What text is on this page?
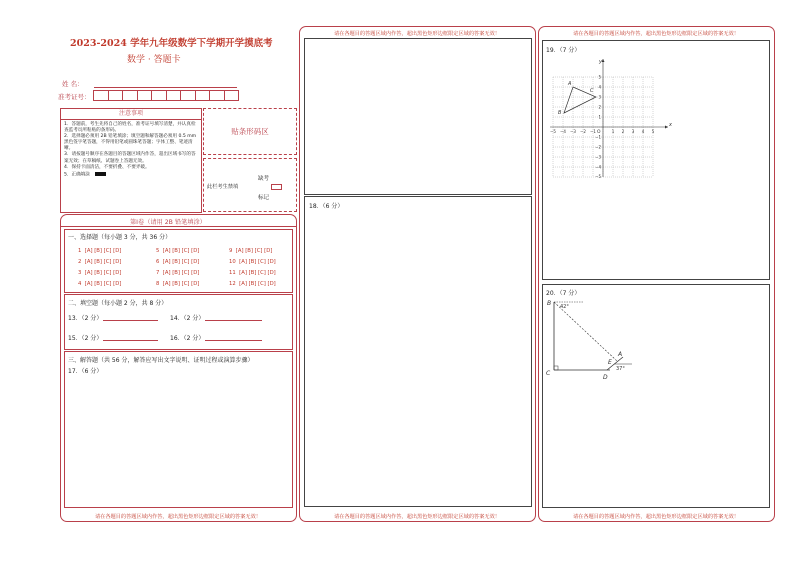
2023-2024 学年九年级数学下学期开学摸底考
数学 · 答题卡
姓 名：
准考证号：
注意事项
1．答题前，考生先将自己的姓名，准考证号填写清楚，并认真检查监考员所粘贴的条形码。
2．选择题必须用 2B 铅笔填涂；填空题和解答题必须用 0.5 mm 黑色签字笔答题，不得用铅笔或圆珠笔答题；字体工整、笔迹清晰。
3．请按题号顺序在各题目的答题区域内作答，超出区域书写的答案无效；在草稿纸、试题卷上答题无效。
4．保持卡面清洁，不要折叠、不要弄破。
5．正确填涂
贴条形码区
缺考
此栏考生禁填
标记
第Ⅰ卷（请用 2B 铅笔填涂）
一、选择题（每小题 3 分，共 36 分）
1 [A] [B] [C] [D]
2 [A] [B] [C] [D]
3 [A] [B] [C] [D]
4 [A] [B] [C] [D]
5 [A] [B] [C] [D]
6 [A] [B] [C] [D]
7 [A] [B] [C] [D]
8 [A] [B] [C] [D]
9 [A] [B] [C] [D]
10 [A] [B] [C] [D]
11 [A] [B] [C] [D]
12 [A] [B] [C] [D]
二、填空题（每小题 2 分，共 8 分）
13．（2 分）	14．（2 分）
15．（2 分）	16．（2 分）
三、解答题（共 56 分，解答应写出文字说明、证明过程或演算步骤）
17．（6 分）
请在各题目的答题区域内作答，超出黑色矩形边框限定区域的答案无效！
请在各题目的答题区域内作答，超出黑色矩形边框限定区域的答案无效！
18．（6 分）
请在各题目的答题区域内作答，超出黑色矩形边框限定区域的答案无效！
请在各题目的答题区域内作答，超出黑色矩形边框限定区域的答案无效！
19．（7 分）
x
y
O
−5 −4 −3 −2 −1	1 2 3 4 5
5
4
3
2
1
−1
−2
−3
−4
−5
A
B
C
20．（7 分）
B
C
D
E
A
42°
37°
请在各题目的答题区域内作答，超出黑色矩形边框限定区域的答案无效！
